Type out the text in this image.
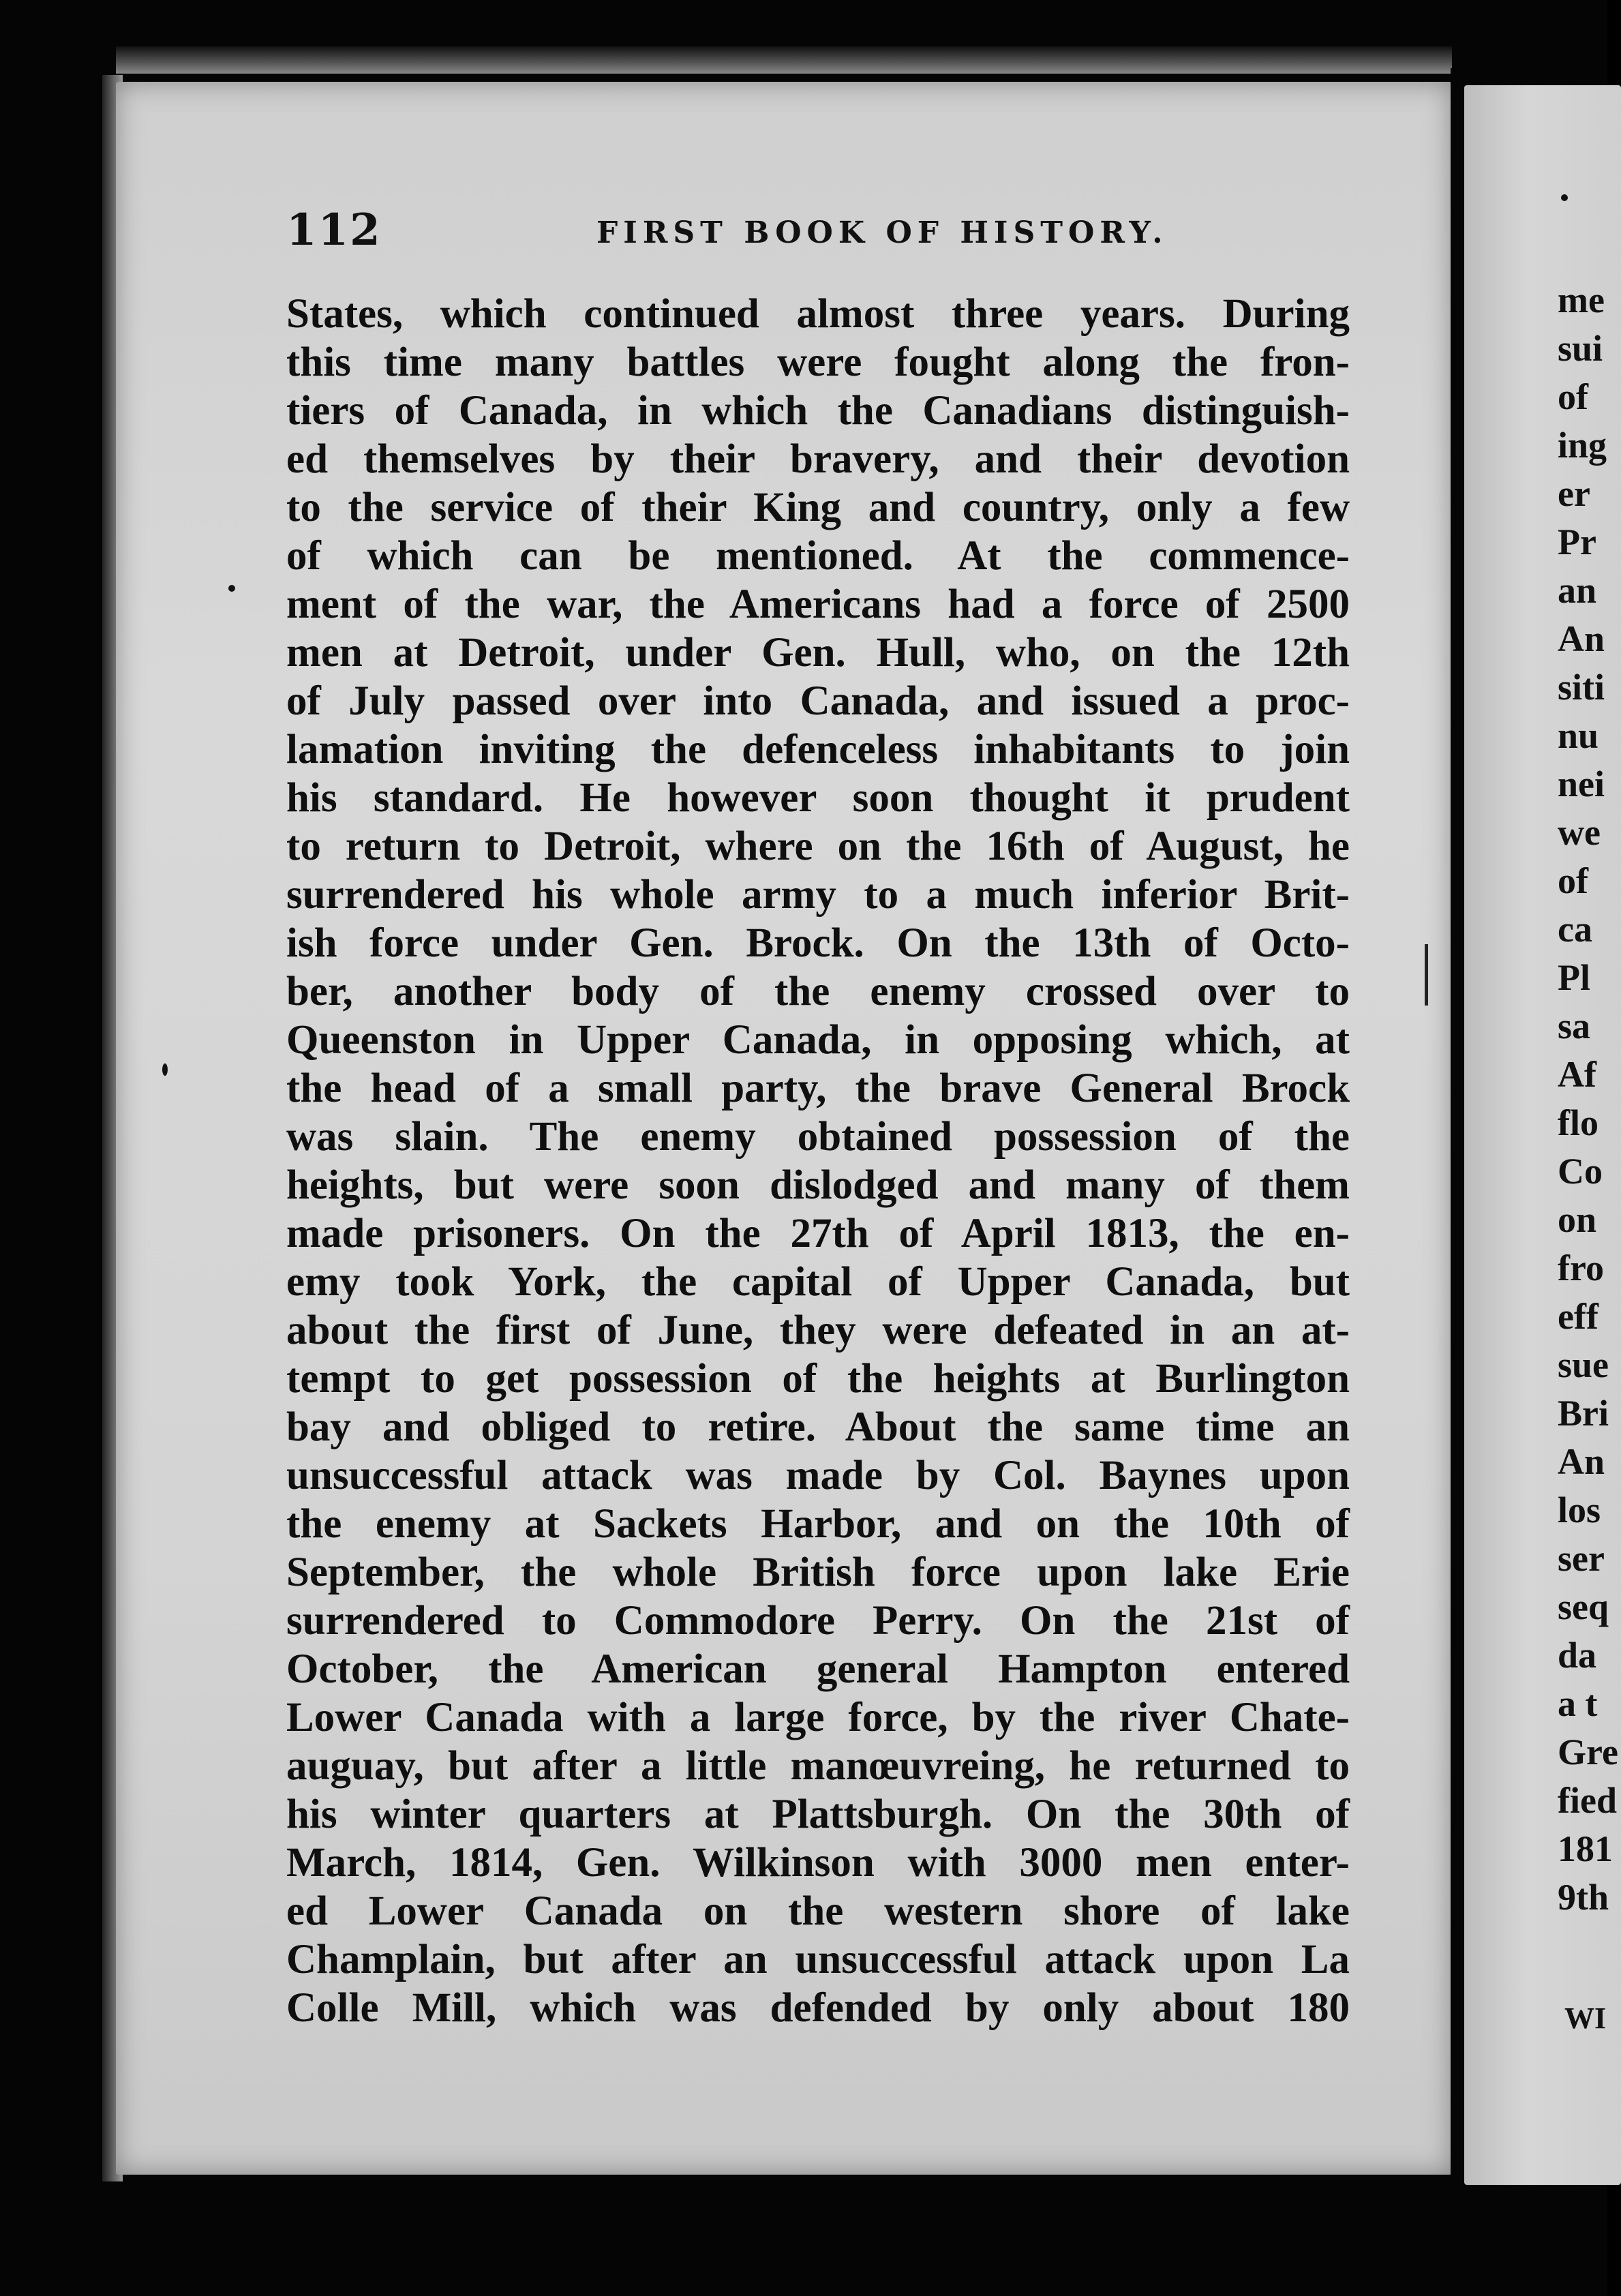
112	FIRST BOOK OF HISTORY.
States, which continued almost three years. During
this time many battles were fought along the fron-
tiers of Canada, in which the Canadians distinguish-
ed themselves by their bravery, and their devotion
to the service of their King and country, only a few
of which can be mentioned. At the commence-
ment of the war, the Americans had a force of 2500
men at Detroit, under Gen. Hull, who, on the 12th
of July passed over into Canada, and issued a proc-
lamation inviting the defenceless inhabitants to join
his standard. He however soon thought it prudent
to return to Detroit, where on the 16th of August, he
surrendered his whole army to a much inferior Brit-
ish force under Gen. Brock. On the 13th of Octo-
ber, another body of the enemy crossed over to
Queenston in Upper Canada, in opposing which, at
the head of a small party, the brave General Brock
was slain. The enemy obtained possession of the
heights, but were soon dislodged and many of them
made prisoners. On the 27th of April 1813, the en-
emy took York, the capital of Upper Canada, but
about the first of June, they were defeated in an at-
tempt to get possession of the heights at Burlington
bay and obliged to retire. About the same time an
unsuccessful attack was made by Col. Baynes upon
the enemy at Sackets Harbor, and on the 10th of
September, the whole British force upon lake Erie
surrendered to Commodore Perry. On the 21st of
October, the American general Hampton entered
Lower Canada with a large force, by the river Chate-
auguay, but after a little manœuvreing, he returned to
his winter quarters at Plattsburgh. On the 30th of
March, 1814, Gen. Wilkinson with 3000 men enter-
ed Lower Canada on the western shore of lake
Champlain, but after an unsuccessful attack upon La
Colle Mill, which was defended by only about 180
me
sui
of
ing
er
Pr
an
An
siti
nu
nei
we
of
ca
Pl
sa
Af
flo
Co
on
fro
eff
sue
Bri
An
los
ser
seq
da
a t
Gre
fied
181
9th
WI
